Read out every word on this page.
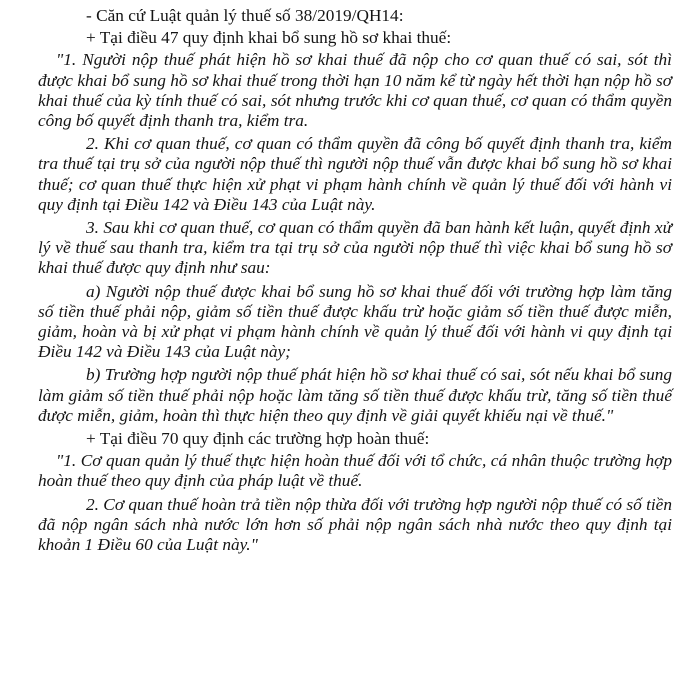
- Căn cứ Luật quản lý thuế số 38/2019/QH14:

+ Tại điều 47 quy định khai bổ sung hồ sơ khai thuế:

"1. Người nộp thuế phát hiện hồ sơ khai thuế đã nộp cho cơ quan thuế có sai, sót thì được khai bổ sung hồ sơ khai thuế trong thời hạn 10 năm kể từ ngày hết thời hạn nộp hồ sơ khai thuế của kỳ tính thuế có sai, sót nhưng trước khi cơ quan thuế, cơ quan có thẩm quyền công bố quyết định thanh tra, kiểm tra.

2. Khi cơ quan thuế, cơ quan có thẩm quyền đã công bố quyết định thanh tra, kiểm tra thuế tại trụ sở của người nộp thuế thì người nộp thuế vẫn được khai bổ sung hồ sơ khai thuế; cơ quan thuế thực hiện xử phạt vi phạm hành chính về quản lý thuế đối với hành vi quy định tại Điều 142 và Điều 143 của Luật này.

3. Sau khi cơ quan thuế, cơ quan có thẩm quyền đã ban hành kết luận, quyết định xử lý về thuế sau thanh tra, kiểm tra tại trụ sở của người nộp thuế thì việc khai bổ sung hồ sơ khai thuế được quy định như sau:

a) Người nộp thuế được khai bổ sung hồ sơ khai thuế đối với trường hợp làm tăng số tiền thuế phải nộp, giảm số tiền thuế được khấu trừ hoặc giảm số tiền thuế được miễn, giảm, hoàn và bị xử phạt vi phạm hành chính về quản lý thuế đối với hành vi quy định tại Điều 142 và Điều 143 của Luật này;

b) Trường hợp người nộp thuế phát hiện hồ sơ khai thuế có sai, sót nếu khai bổ sung làm giảm số tiền thuế phải nộp hoặc làm tăng số tiền thuế được khấu trừ, tăng số tiền thuế được miễn, giảm, hoàn thì thực hiện theo quy định về giải quyết khiếu nại về thuế."

+ Tại điều 70 quy định các trường hợp hoàn thuế:

"1. Cơ quan quản lý thuế thực hiện hoàn thuế đối với tổ chức, cá nhân thuộc trường hợp hoàn thuế theo quy định của pháp luật về thuế.

2. Cơ quan thuế hoàn trả tiền nộp thừa đối với trường hợp người nộp thuế có số tiền đã nộp ngân sách nhà nước lớn hơn số phải nộp ngân sách nhà nước theo quy định tại khoản 1 Điều 60 của Luật này."
